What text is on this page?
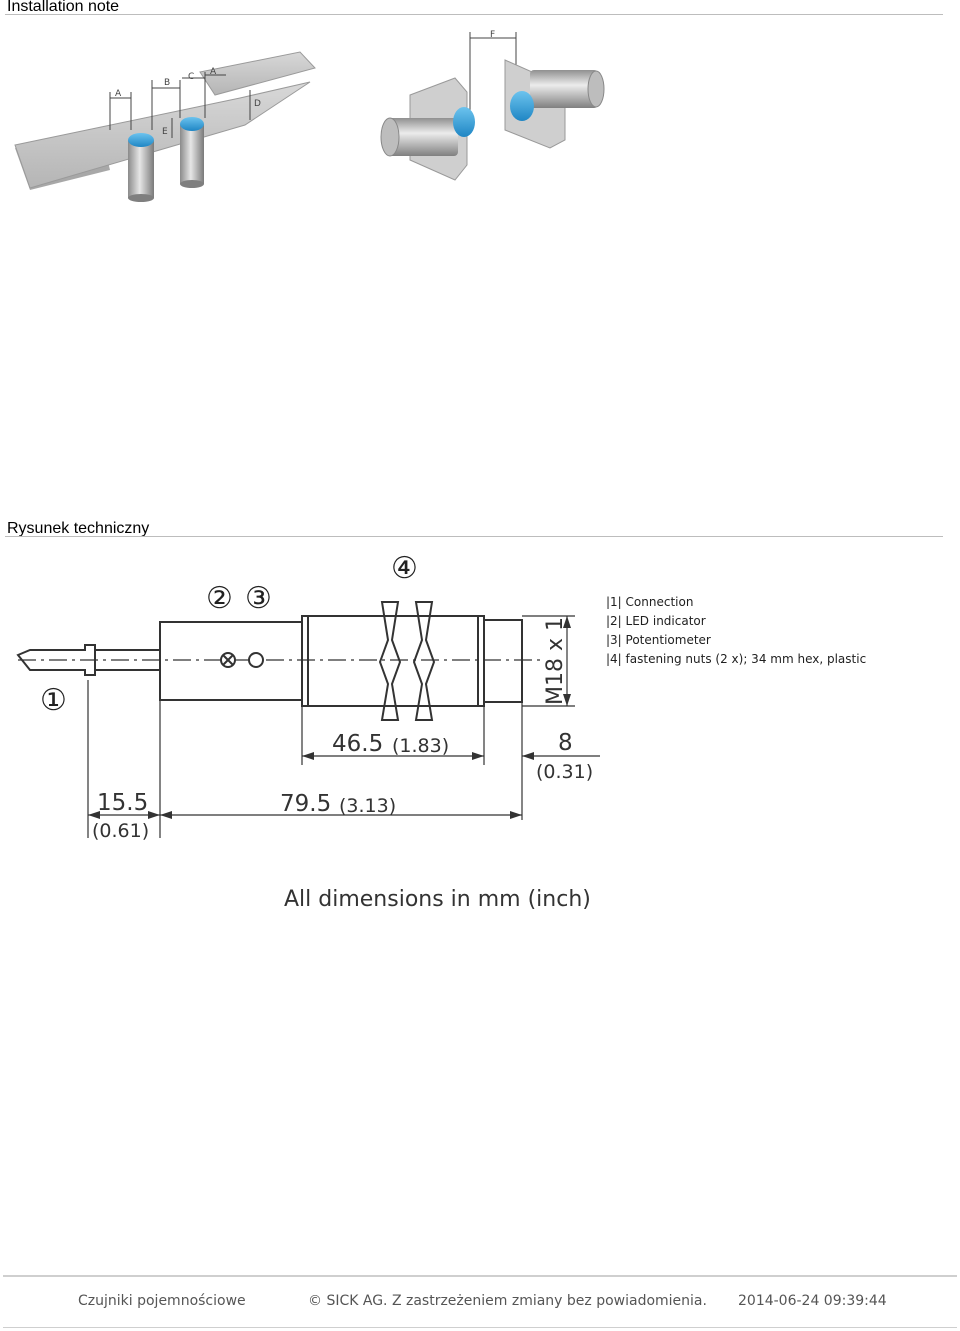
Installation note
A
B
C A
D
E
F
Rysunek techniczny
①
② ③
④
M18 x 1
46.5 (1.83)	8
(0.31)
15.5
(0.61)
79.5 (3.13)
|1| Connection
|2| LED indicator
|3| Potentiometer
|4| fastening nuts (2 x); 34 mm hex, plastic
All dimensions in mm (inch)
Czujniki pojemnościowe	© SICK AG. Z zastrzeżeniem zmiany bez powiadomienia. 2014-06-24 09:39:44
